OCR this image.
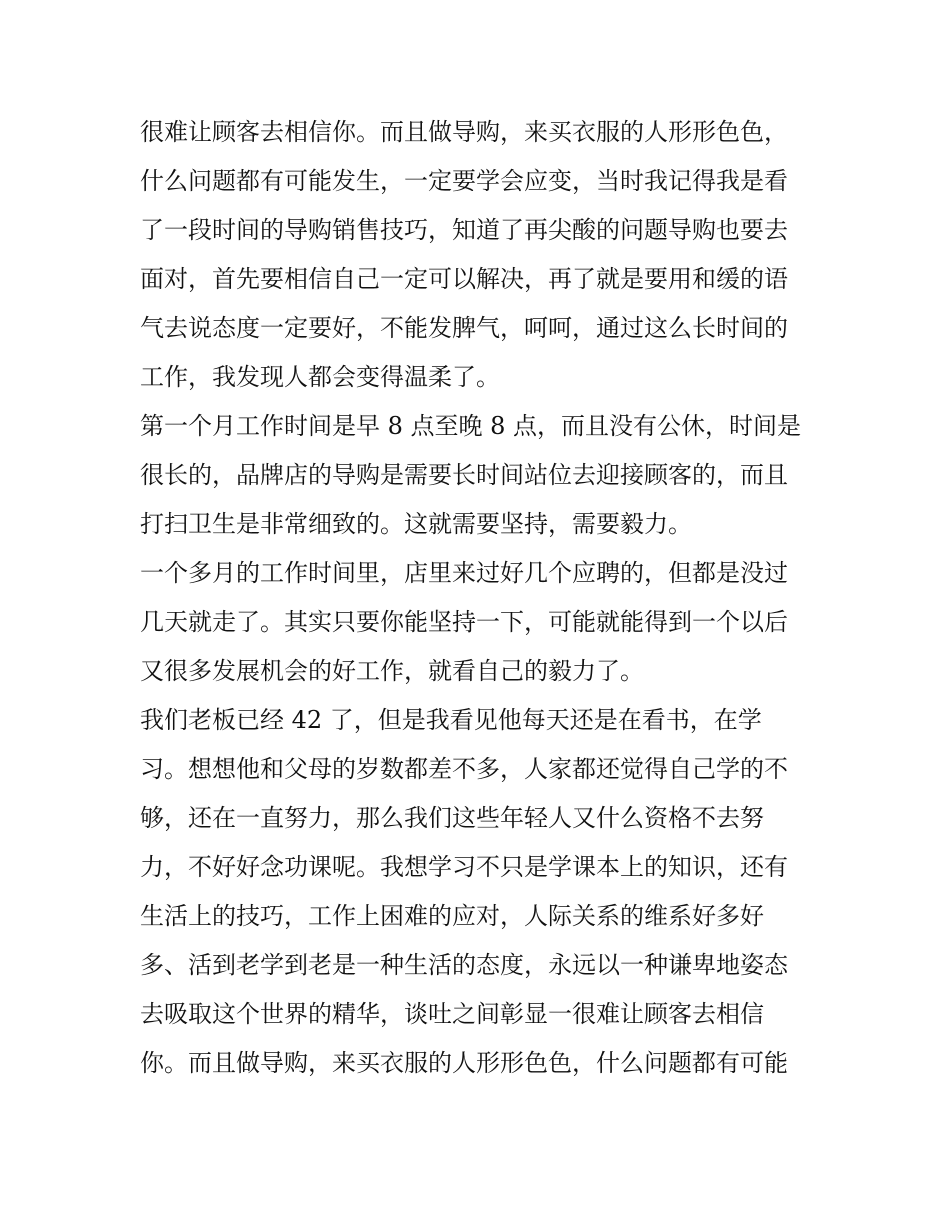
很难让顾客去相信你。而且做导购，来买衣服的人形形色色，
什么问题都有可能发生，一定要学会应变，当时我记得我是看
了一段时间的导购销售技巧，知道了再尖酸的问题导购也要去
面对，首先要相信自己一定可以解决，再了就是要用和缓的语
气去说态度一定要好，不能发脾气，呵呵，通过这么长时间的
工作，我发现人都会变得温柔了。
第一个月工作时间是早 8 点至晚 8 点，而且没有公休，时间是
很长的，品牌店的导购是需要长时间站位去迎接顾客的，而且
打扫卫生是非常细致的。这就需要坚持，需要毅力。
一个多月的工作时间里，店里来过好几个应聘的，但都是没过
几天就走了。其实只要你能坚持一下，可能就能得到一个以后
又很多发展机会的好工作，就看自己的毅力了。
我们老板已经 42 了，但是我看见他每天还是在看书，在学
习。想想他和父母的岁数都差不多，人家都还觉得自己学的不
够，还在一直努力，那么我们这些年轻人又什么资格不去努
力，不好好念功课呢。我想学习不只是学课本上的知识，还有
生活上的技巧，工作上困难的应对，人际关系的维系好多好
多、活到老学到老是一种生活的态度，永远以一种谦卑地姿态
去吸取这个世界的精华，谈吐之间彰显一很难让顾客去相信
你。而且做导购，来买衣服的人形形色色，什么问题都有可能
